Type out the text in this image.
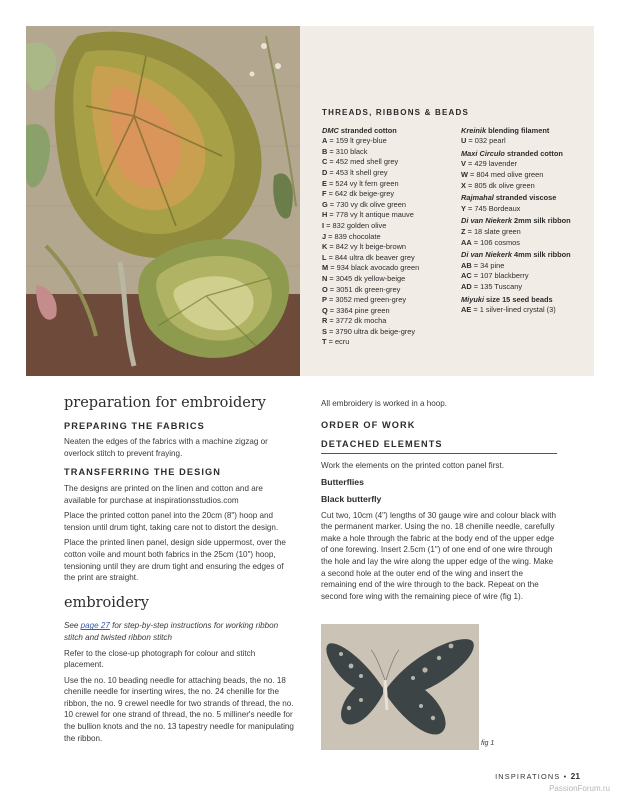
THREADS, RIBBONS & BEADS
DMC stranded cotton
A = 159 lt grey-blue
B = 310 black
C = 452 med shell grey
D = 453 lt shell grey
E = 524 vy lt fern green
F = 642 dk beige-grey
G = 730 vy dk olive green
H = 778 vy lt antique mauve
I = 832 golden olive
J = 839 chocolate
K = 842 vy lt beige-brown
L = 844 ultra dk beaver grey
M = 934 black avocado green
N = 3045 dk yellow-beige
O = 3051 dk green-grey
P = 3052 med green-grey
Q = 3364 pine green
R = 3772 dk mocha
S = 3790 ultra dk beige-grey
T = ecru
Kreinik blending filament
U = 032 pearl
Maxi Circulo stranded cotton
V = 429 lavender
W = 804 med olive green
X = 805 dk olive green
Rajmahal stranded viscose
Y = 745 Bordeaux
Di van Niekerk 2mm silk ribbon
Z = 18 slate green
AA = 106 cosmos
Di van Niekerk 4mm silk ribbon
AB = 34 pine
AC = 107 blackberry
AD = 135 Tuscany
Miyuki size 15 seed beads
AE = 1 silver-lined crystal (3)
preparation for embroidery
PREPARING THE FABRICS

Neaten the edges of the fabrics with a machine zigzag or overlock stitch to prevent fraying.

TRANSFERRING THE DESIGN

The designs are printed on the linen and cotton and are available for purchase at inspirationsstudios.com

Place the printed cotton panel into the 20cm (8") hoop and tension until drum tight, taking care not to distort the design.

Place the printed linen panel, design side uppermost, over the cotton voile and mount both fabrics in the 25cm (10") hoop, tensioning until they are drum tight and ensuring the edges of the print are straight.

embroidery

See page 27 for step-by-step instructions for working ribbon stitch and twisted ribbon stitch

Refer to the close-up photograph for colour and stitch placement.

Use the no. 10 beading needle for attaching beads, the no. 18 chenille needle for inserting wires, the no. 24 chenille for the ribbon, the no. 9 crewel needle for two strands of thread, the no. 10 crewel for one strand of thread, the no. 5 milliner's needle for the bullion knots and the no. 13 tapestry needle for manipulating the ribbon.

All embroidery is worked in a hoop.

ORDER OF WORK
DETACHED ELEMENTS

Work the elements on the printed cotton panel first.

Butterflies
Black butterfly

Cut two, 10cm (4") lengths of 30 gauge wire and colour black with the permanent marker. Using the no. 18 chenille needle, carefully make a hole through the fabric at the body end of the upper edge of one forewing. Insert 2.5cm (1") of one end of one wire through the hole and lay the wire along the upper edge of the wing. Make a second hole at the outer end of the wing and insert the remaining end of the wire through to the back. Repeat on the second fore wing with the remaining piece of wire (fig 1).

fig 1
INSPIRATIONS • 21
PassionForum.ru
